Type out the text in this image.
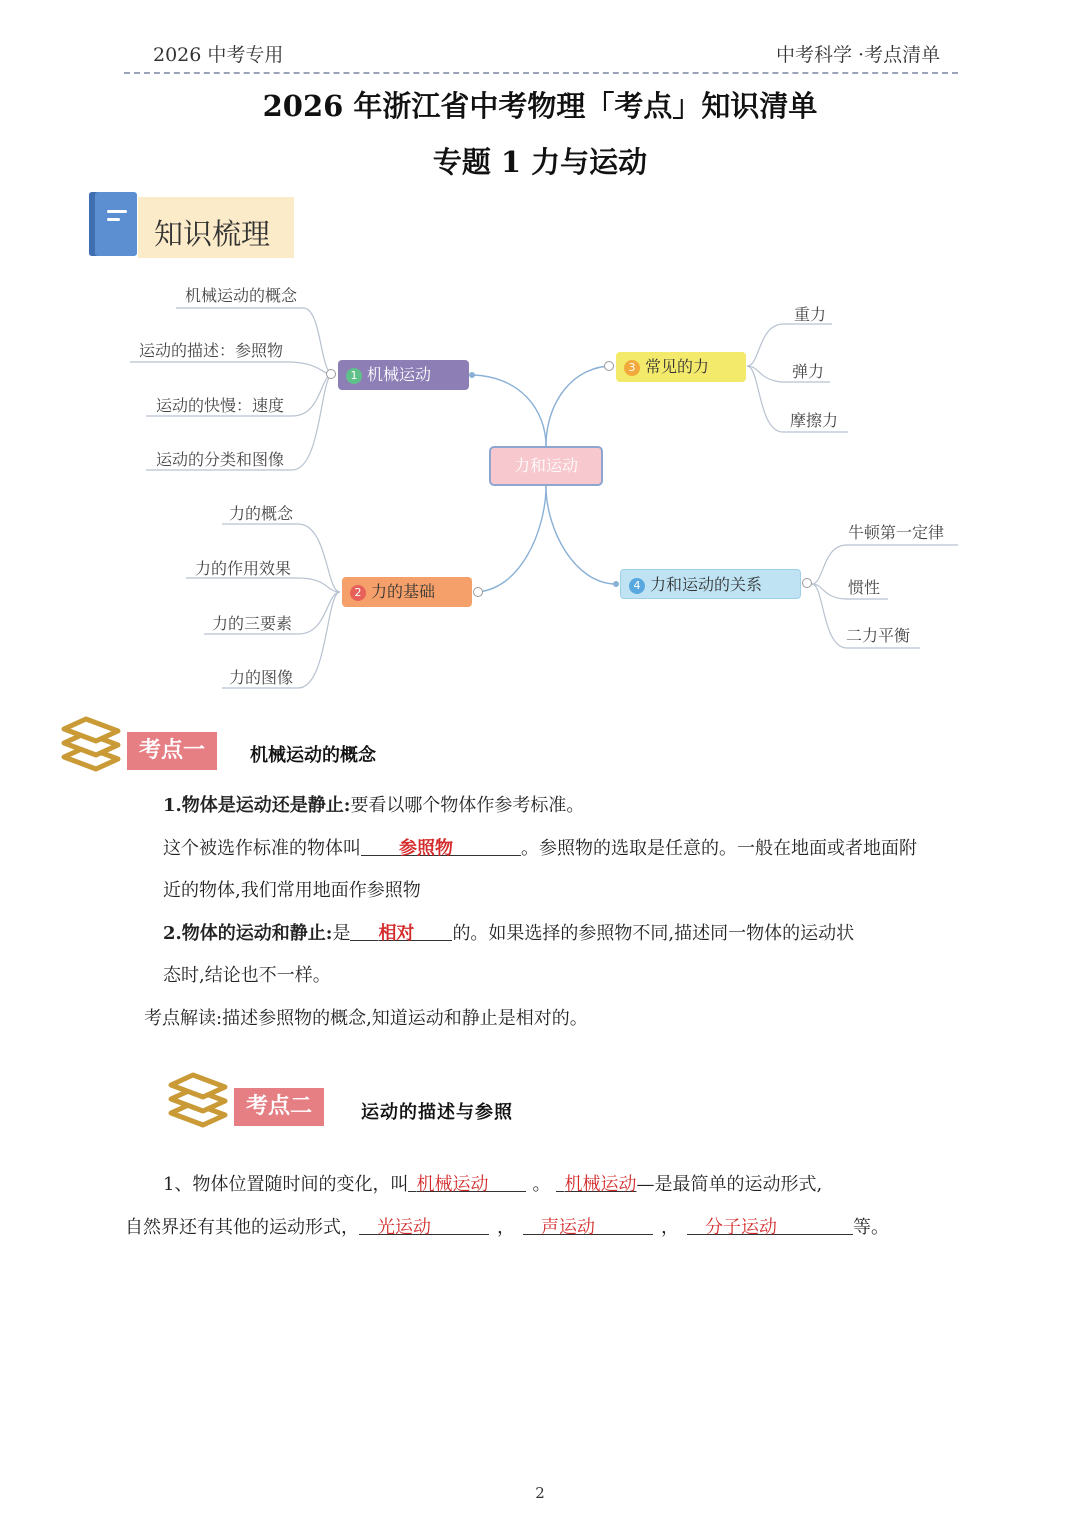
2026 中考专用	中考科学 ·考点清单
2026 年浙江省中考物理「考点」知识清单
专题 1 力与运动
知识梳理
力和运动
1 机械运动
机械运动的概念
运动的描述：参照物
运动的快慢：速度
运动的分类和图像
2 力的基础
力的概念
力的作用效果
力的三要素
力的图像
3 常见的力
重力
弹力
摩擦力
4 力和运动的关系
牛顿第一定律
惯性
二力平衡
考点一	机械运动的概念
1.物体是运动还是静止:要看以哪个物体作参考标准。
这个被选作标准的物体叫 参照物	。参照物的选取是任意的。一般在地面或者地面附
近的物体,我们常用地面作参照物
2.物体的运动和静止:是 相对 的。如果选择的参照物不同,描述同一物体的运动状
态时,结论也不一样。
考点解读:描述参照物的概念,知道运动和静止是相对的。
考点二	运动的描述与参照
1、物体位置随时间的变化，叫 机械运动 。 机械运动—是最简单的运动形式,
自然界还有其他的运动形式， 光运动	， 声运动	， 分子运动	等。
2
